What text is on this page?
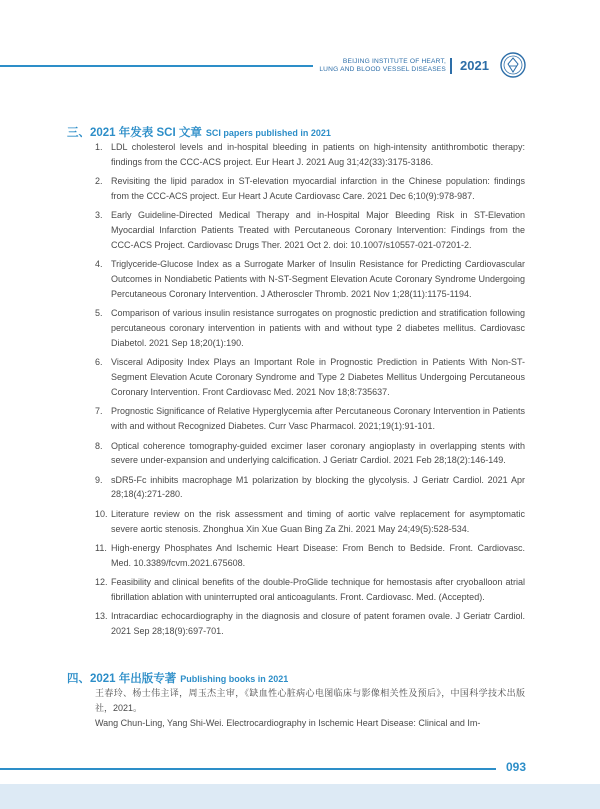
BEIJING INSTITUTE OF HEART,
LUNG AND BLOOD VESSEL DISEASES 2021
三、2021 年发表 SCI 文章 SCI papers published in 2021
1. LDL cholesterol levels and in-hospital bleeding in patients on high-intensity antithrombotic therapy: findings from the CCC-ACS project. Eur Heart J. 2021 Aug 31;42(33):3175-3186.
2. Revisiting the lipid paradox in ST-elevation myocardial infarction in the Chinese population: findings from the CCC-ACS project. Eur Heart J Acute Cardiovasc Care. 2021 Dec 6;10(9):978-987.
3. Early Guideline-Directed Medical Therapy and in-Hospital Major Bleeding Risk in ST-Elevation Myocardial Infarction Patients Treated with Percutaneous Coronary Intervention: Findings from the CCC-ACS Project. Cardiovasc Drugs Ther. 2021 Oct 2. doi: 10.1007/s10557-021-07201-2.
4. Triglyceride-Glucose Index as a Surrogate Marker of Insulin Resistance for Predicting Cardiovascular Outcomes in Nondiabetic Patients with N-ST-Segment Elevation Acute Coronary Syndrome Undergoing Percutaneous Coronary Intervention. J Atheroscler Thromb. 2021 Nov 1;28(11):1175-1194.
5. Comparison of various insulin resistance surrogates on prognostic prediction and stratification following percutaneous coronary intervention in patients with and without type 2 diabetes mellitus. Cardiovasc Diabetol. 2021 Sep 18;20(1):190.
6. Visceral Adiposity Index Plays an Important Role in Prognostic Prediction in Patients With Non-ST-Segment Elevation Acute Coronary Syndrome and Type 2 Diabetes Mellitus Undergoing Percutaneous Coronary Intervention. Front Cardiovasc Med. 2021 Nov 18;8:735637.
7. Prognostic Significance of Relative Hyperglycemia after Percutaneous Coronary Intervention in Patients with and without Recognized Diabetes. Curr Vasc Pharmacol. 2021;19(1):91-101.
8. Optical coherence tomography-guided excimer laser coronary angioplasty in overlapping stents with severe under-expansion and underlying calcification. J Geriatr Cardiol. 2021 Feb 28;18(2):146-149.
9. sDR5-Fc inhibits macrophage M1 polarization by blocking the glycolysis. J Geriatr Cardiol. 2021 Apr 28;18(4):271-280.
10. Literature review on the risk assessment and timing of aortic valve replacement for asymptomatic severe aortic stenosis. Zhonghua Xin Xue Guan Bing Za Zhi. 2021 May 24;49(5):528-534.
11. High-energy Phosphates And Ischemic Heart Disease: From Bench to Bedside. Front. Cardiovasc. Med. 10.3389/fcvm.2021.675608.
12. Feasibility and clinical benefits of the double-ProGlide technique for hemostasis after cryoballoon atrial fibrillation ablation with uninterrupted oral anticoagulants. Front. Cardiovasc. Med. (Accepted).
13. Intracardiac echocardiography in the diagnosis and closure of patent foramen ovale. J Geriatr Cardiol. 2021 Sep 28;18(9):697-701.
四、2021 年出版专著 Publishing books in 2021
王春玲、杨士伟主译，周玉杰主审，《缺血性心脏病心电图临床与影像相关性及预后》，中国科学技术出版社，2021。
Wang Chun-Ling, Yang Shi-Wei. Electrocardiography in Ischemic Heart Disease: Clinical and Im-
093
